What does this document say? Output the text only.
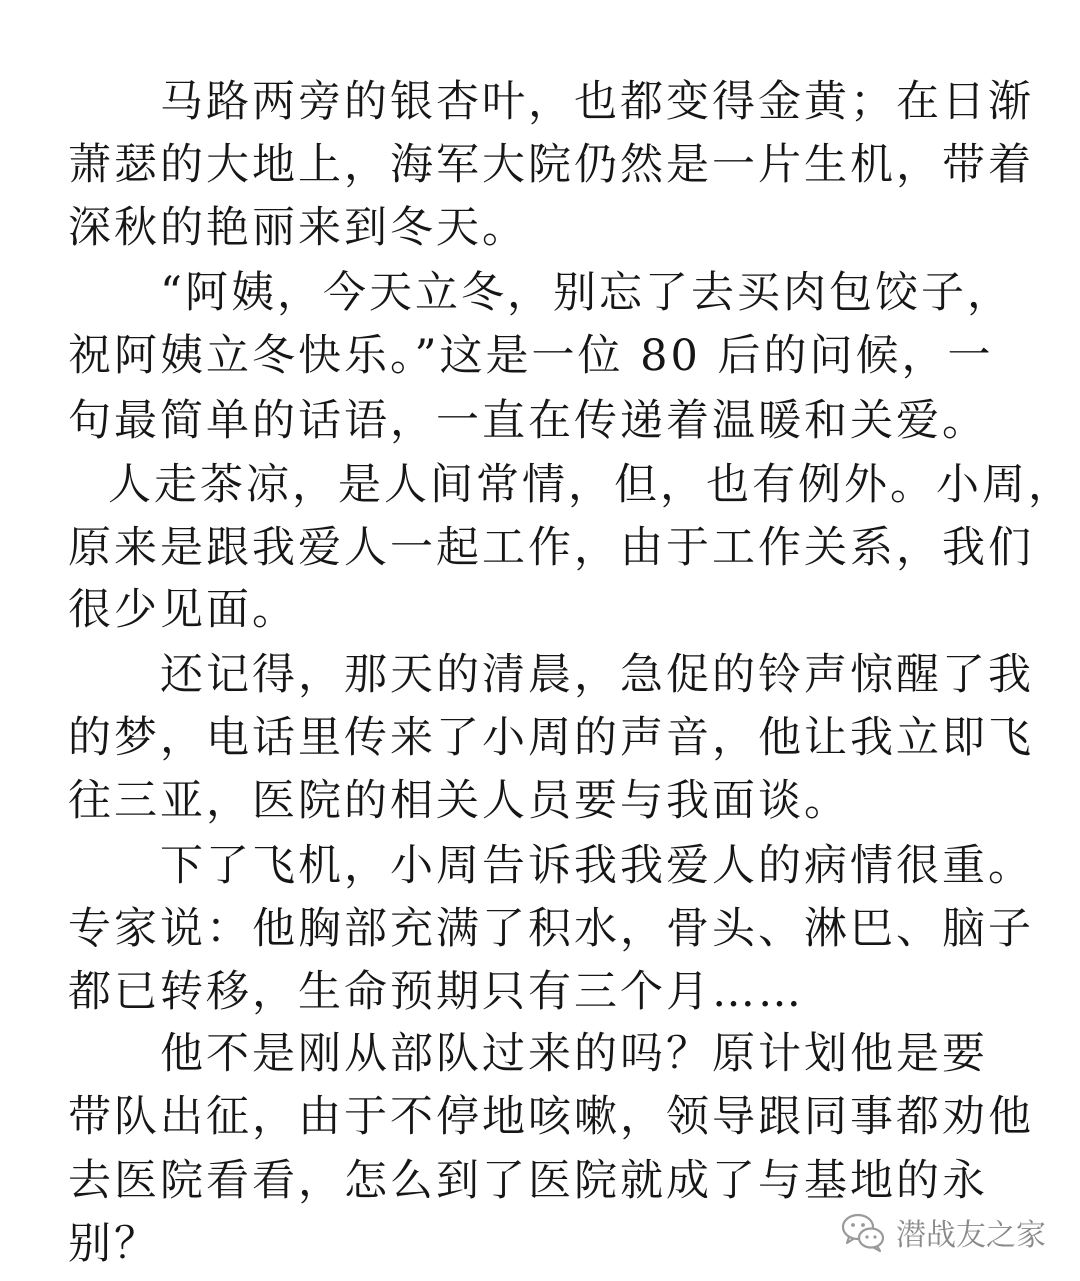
马路两旁的银杏叶，也都变得金黄；在日渐

萧瑟的大地上，海军大院仍然是一片生机，带着

深秋的艳丽来到冬天。

“阿姨，今天立冬，别忘了去买肉包饺子，

祝阿姨立冬快乐。”这是一位 80 后的问候，一

句最简单的话语，一直在传递着温暖和关爱。

人走茶凉，是人间常情，但，也有例外。小周，

原来是跟我爱人一起工作，由于工作关系，我们

很少见面。

还记得，那天的清晨，急促的铃声惊醒了我

的梦，电话里传来了小周的声音，他让我立即飞

往三亚，医院的相关人员要与我面谈。

下了飞机，小周告诉我我爱人的病情很重。

专家说：他胸部充满了积水，骨头、淋巴、脑子

都已转移，生命预期只有三个月……

他不是刚从部队过来的吗？原计划他是要

带队出征，由于不停地咳嗽，领导跟同事都劝他

去医院看看，怎么到了医院就成了与基地的永

别？	潜战友之家
